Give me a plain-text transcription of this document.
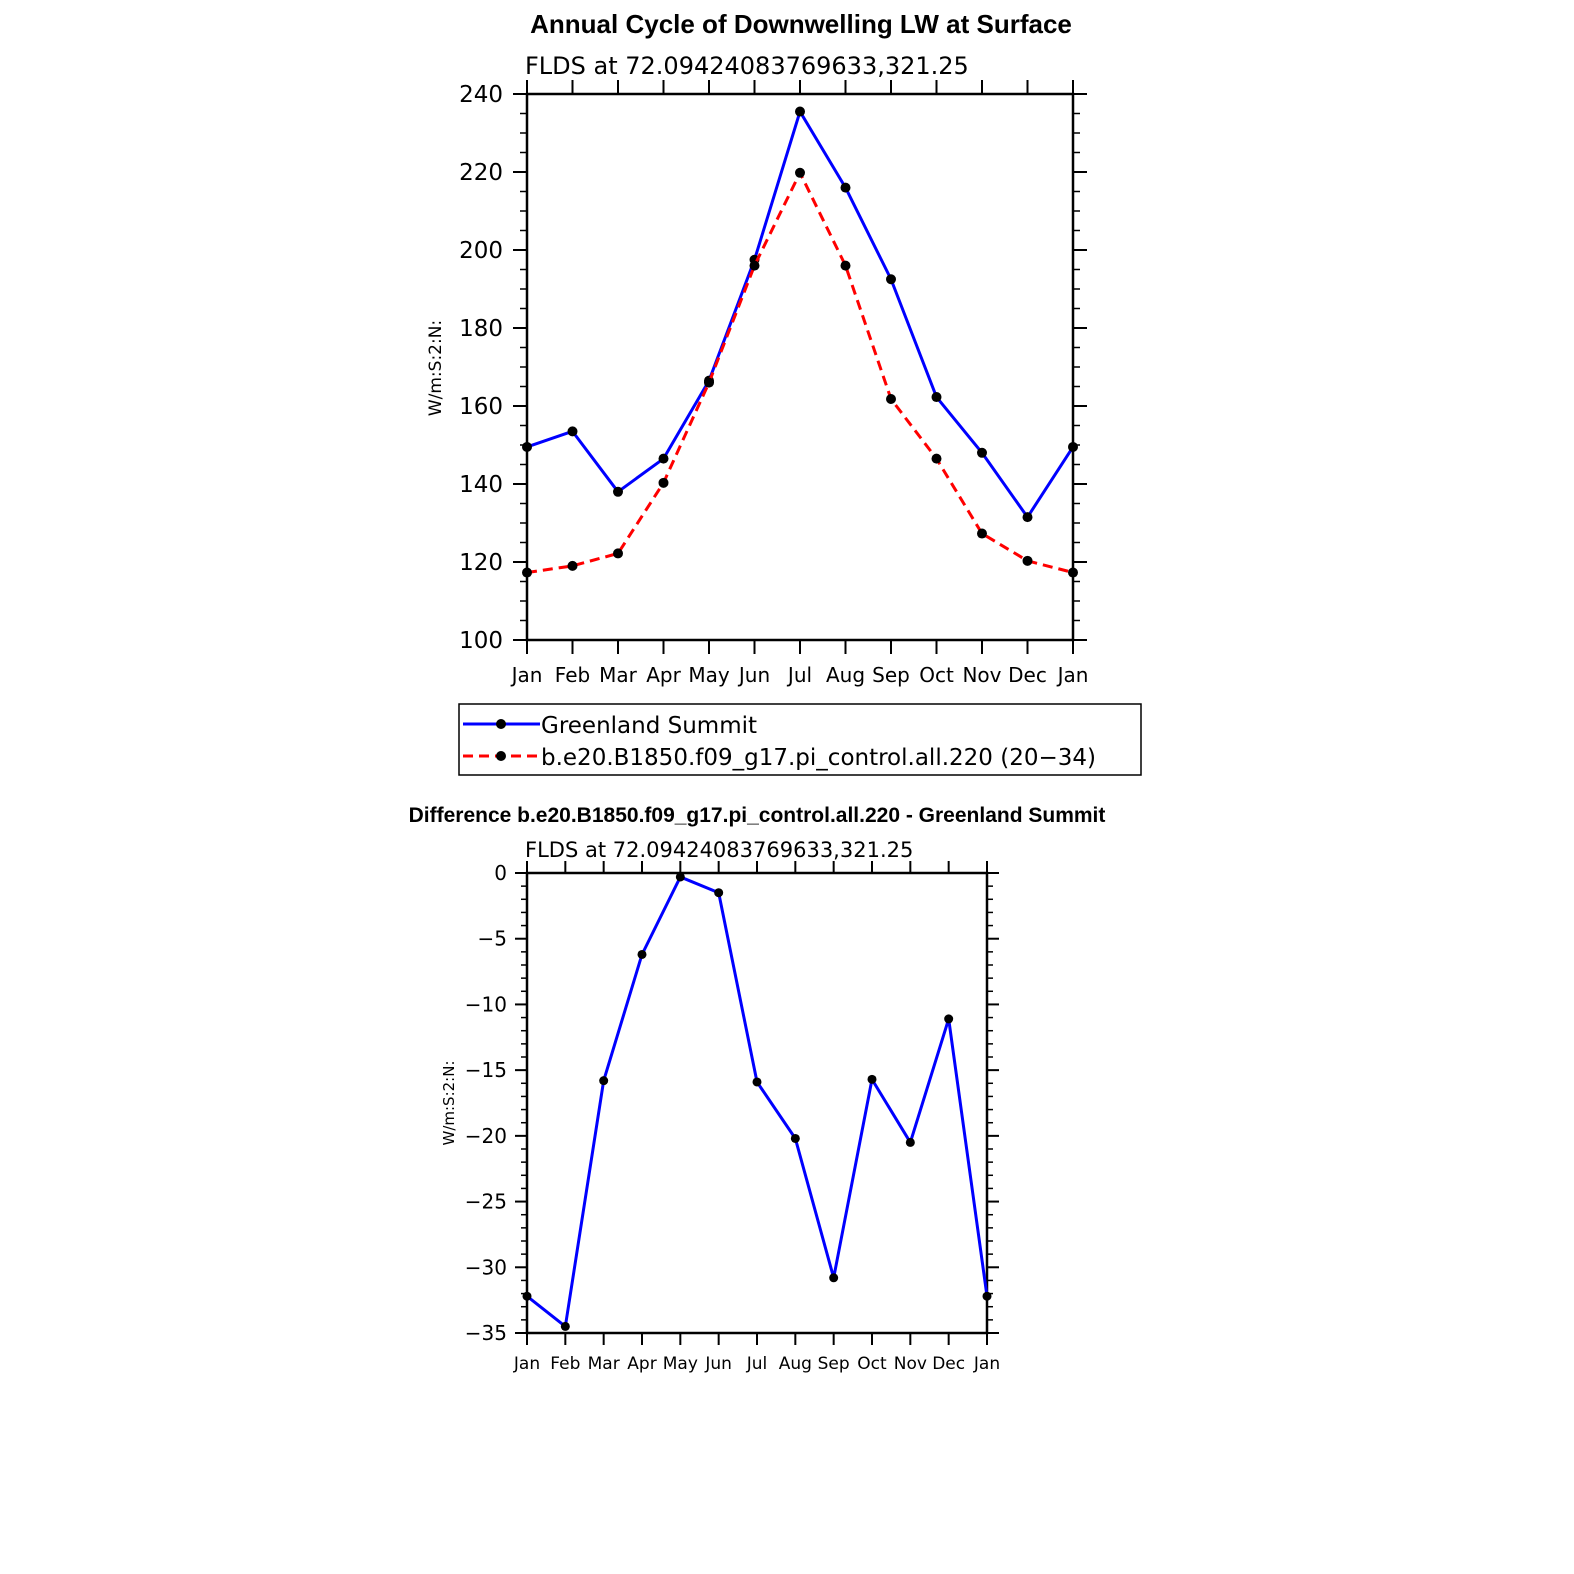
Annual Cycle of Downwelling LW at Surface
FLDS at 72.09424083769633,321.25
W/m:S:2:N:
Jan Feb Mar Apr May Jun Jul Aug Sep Oct Nov Dec Jan
100
120
140
160
180
200
220
240
Greenland Summit
b.e20.B1850.f09_g17.pi_control.all.220 (20−34)
Difference b.e20.B1850.f09_g17.pi_control.all.220 - Greenland Summit
FLDS at 72.09424083769633,321.25
W/m:S:2:N:
Jan Feb Mar Apr May Jun Jul Aug Sep Oct Nov Dec Jan
0
−5
−10
−15
−20
−25
−30
−35
